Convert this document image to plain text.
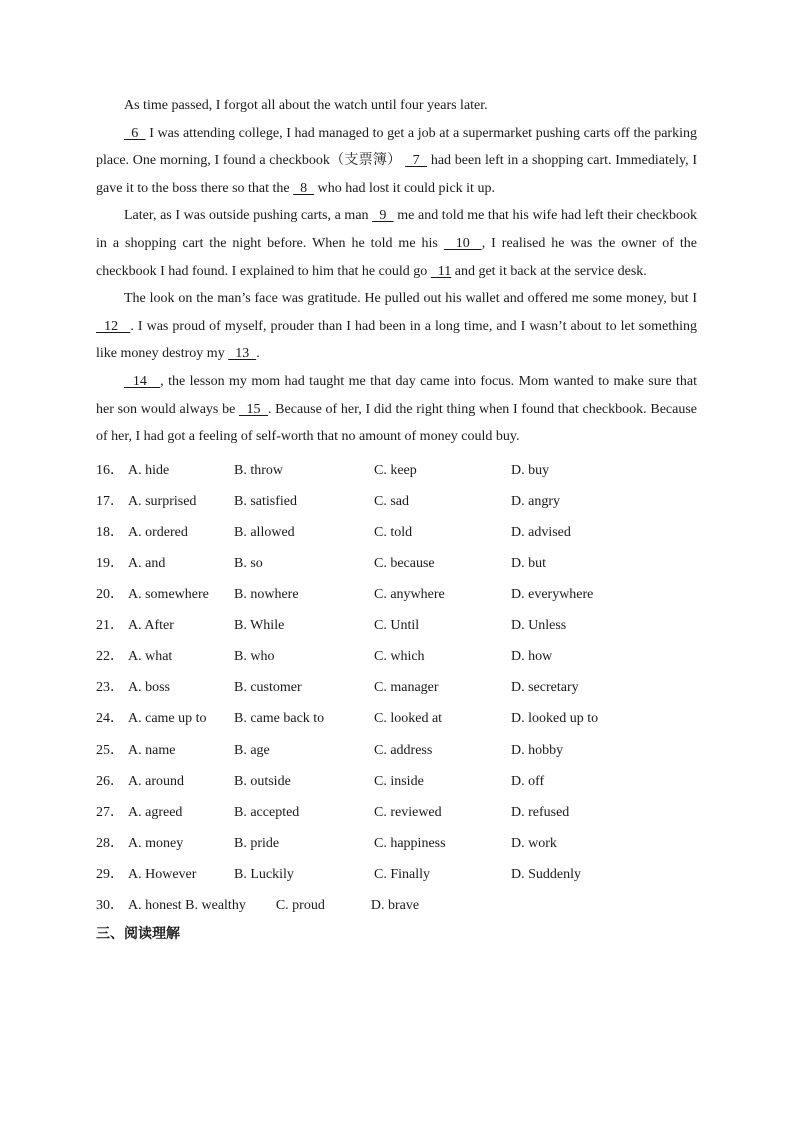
As time passed, I forgot all about the watch until four years later.

6   I was attending college, I had managed to get a job at a supermarket pushing carts off the parking place. One morning, I found a checkbook（支票簿）   7   had been left in a shopping cart. Immediately, I gave it to the boss there so that the   8   who had lost it could pick it up.

Later, as I was outside pushing carts, a man   9   me and told me that his wife had left their checkbook in a shopping cart the night before. When he told me his   10  , I realised he was the owner of the checkbook I had found. I explained to him that he could go   11 and get it back at the service desk.

The look on the man’s face was gratitude. He pulled out his wallet and offered me some money, but I   12   . I was proud of myself, prouder than I had been in a long time, and I wasn’t about to let something like money destroy my   13  .

14   , the lesson my mom had taught me that day came into focus. Mom wanted to make sure that her son would always be   15  . Because of her, I did the right thing when I found that checkbook. Because of her, I had got a feeling of self-worth that no amount of money could buy.

16． A. hide	B. throw	C. keep	D. buy
17． A. surprised	B. satisfied	C. sad	D. angry
18． A. ordered	B. allowed	C. told	D. advised
19． A. and	B. so	C. because	D. but
20． A. somewhere	B. nowhere	C. anywhere	D. everywhere
21． A. After	B. While	C. Until	D. Unless
22． A. what	B. who	C. which	D. how
23． A. boss	B. customer	C. manager	D. secretary
24． A. came up to	B. came back to	C. looked at	D. looked up to
25． A. name	B. age	C. address	D. hobby
26． A. around	B. outside	C. inside	D. off
27． A. agreed	B. accepted	C. reviewed	D. refused
28． A. money	B. pride	C. happiness	D. work
29． A. However	B. Luckily	C. Finally	D. Suddenly
30． A. honest B. wealthy C. proud	D. brave
三、阅读理解
